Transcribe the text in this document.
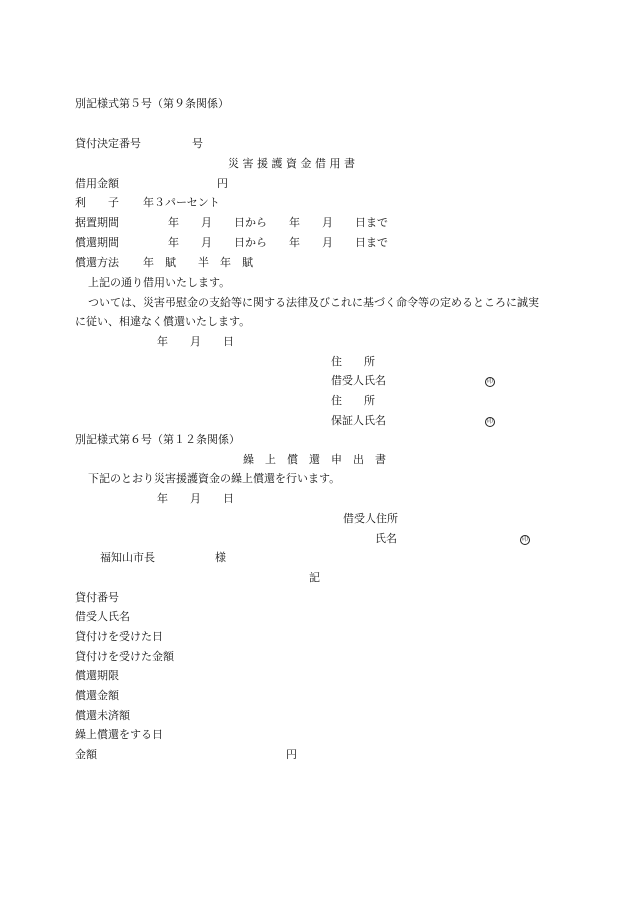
別記様式第５号（第９条関係）
貸付決定番号	号
災 害 援 護 資 金 借 用 書
借用金額	円
利　　子 年３パーセント
据置期間	年　　月　　日から　　年　　月　　日まで
償還期間	年　　月　　日から　　年　　月　　日まで
償還方法 年　賦　　半　年　賦
上記の通り借用いたします。
ついては、災害弔慰金の支給等に関する法律及びこれに基づく命令等の定めるところに誠実
に従い、相違なく償還いたします。
年　　月　　日
住　　所
借受人氏名	印
住　　所
保証人氏名	印
別記様式第６号（第１２条関係）
繰　上　償　還　申　出　書
下記のとおり災害援護資金の繰上償還を行います。
年　　月　　日
借受人住所
氏名	印
福知山市長	様
記
貸付番号
借受人氏名
貸付けを受けた日
貸付けを受けた金額
償還期限
償還金額
償還未済額
繰上償還をする日
金額	円
